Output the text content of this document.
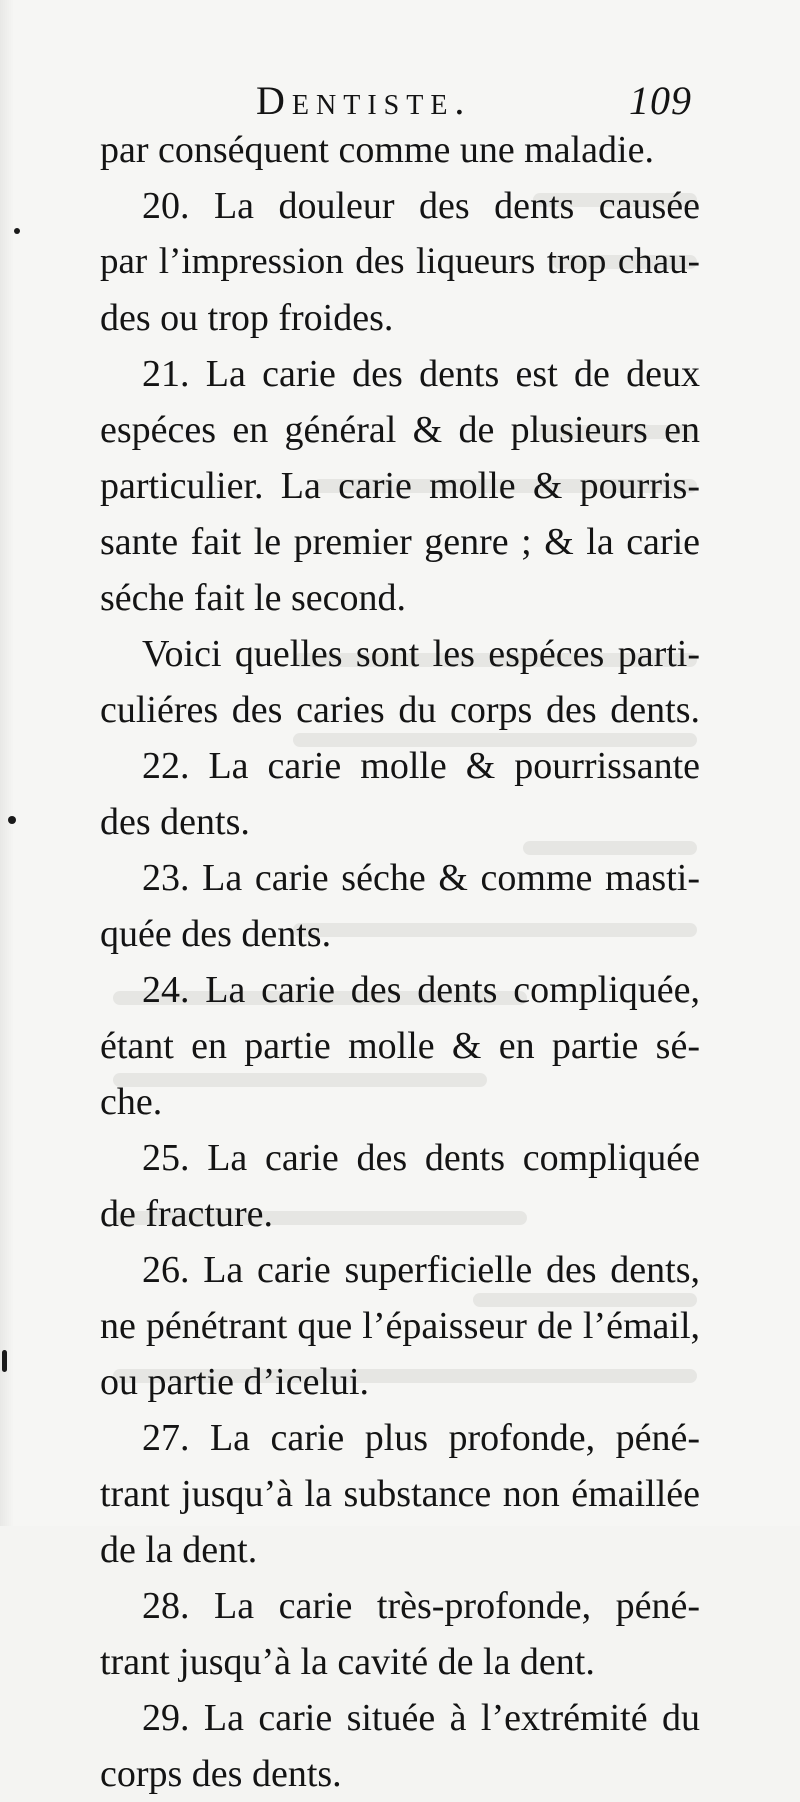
Dentiste.	109
par conséquent comme une maladie.
20. La douleur des dents causée
par l’impression des liqueurs trop chau-
des ou trop froides.
21. La carie des dents est de deux
espéces en général & de plusieurs en
particulier. La carie molle & pourris-
sante fait le premier genre ; & la carie
séche fait le second.
Voici quelles sont les espéces parti-
culiéres des caries du corps des dents.
22. La carie molle & pourrissante
des dents.
23. La carie séche & comme masti-
quée des dents.
24. La carie des dents compliquée,
étant en partie molle & en partie sé-
che.
25. La carie des dents compliquée
de fracture.
26. La carie superficielle des dents,
ne pénétrant que l’épaisseur de l’émail,
ou partie d’icelui.
27. La carie plus profonde, péné-
trant jusqu’à la substance non émaillée
de la dent.
28. La carie très-profonde, péné-
trant jusqu’à la cavité de la dent.
29. La carie située à l’extrémité du
corps des dents.
